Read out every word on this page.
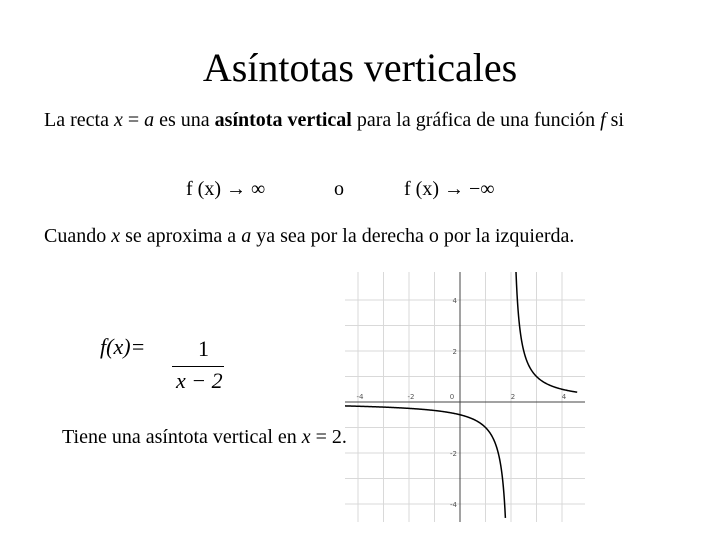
Asíntotas verticales
La recta x = a es una asíntota vertical para la gráfica de una función f si
f (x) → ∞	o	f (x) → −∞
Cuando x se aproxima a a ya sea por la derecha o por la izquierda.
f(x)= 1
x − 2
Tiene una asíntota vertical en x = 2.
-4	-2	0	2	4
4
2
-2
-4
